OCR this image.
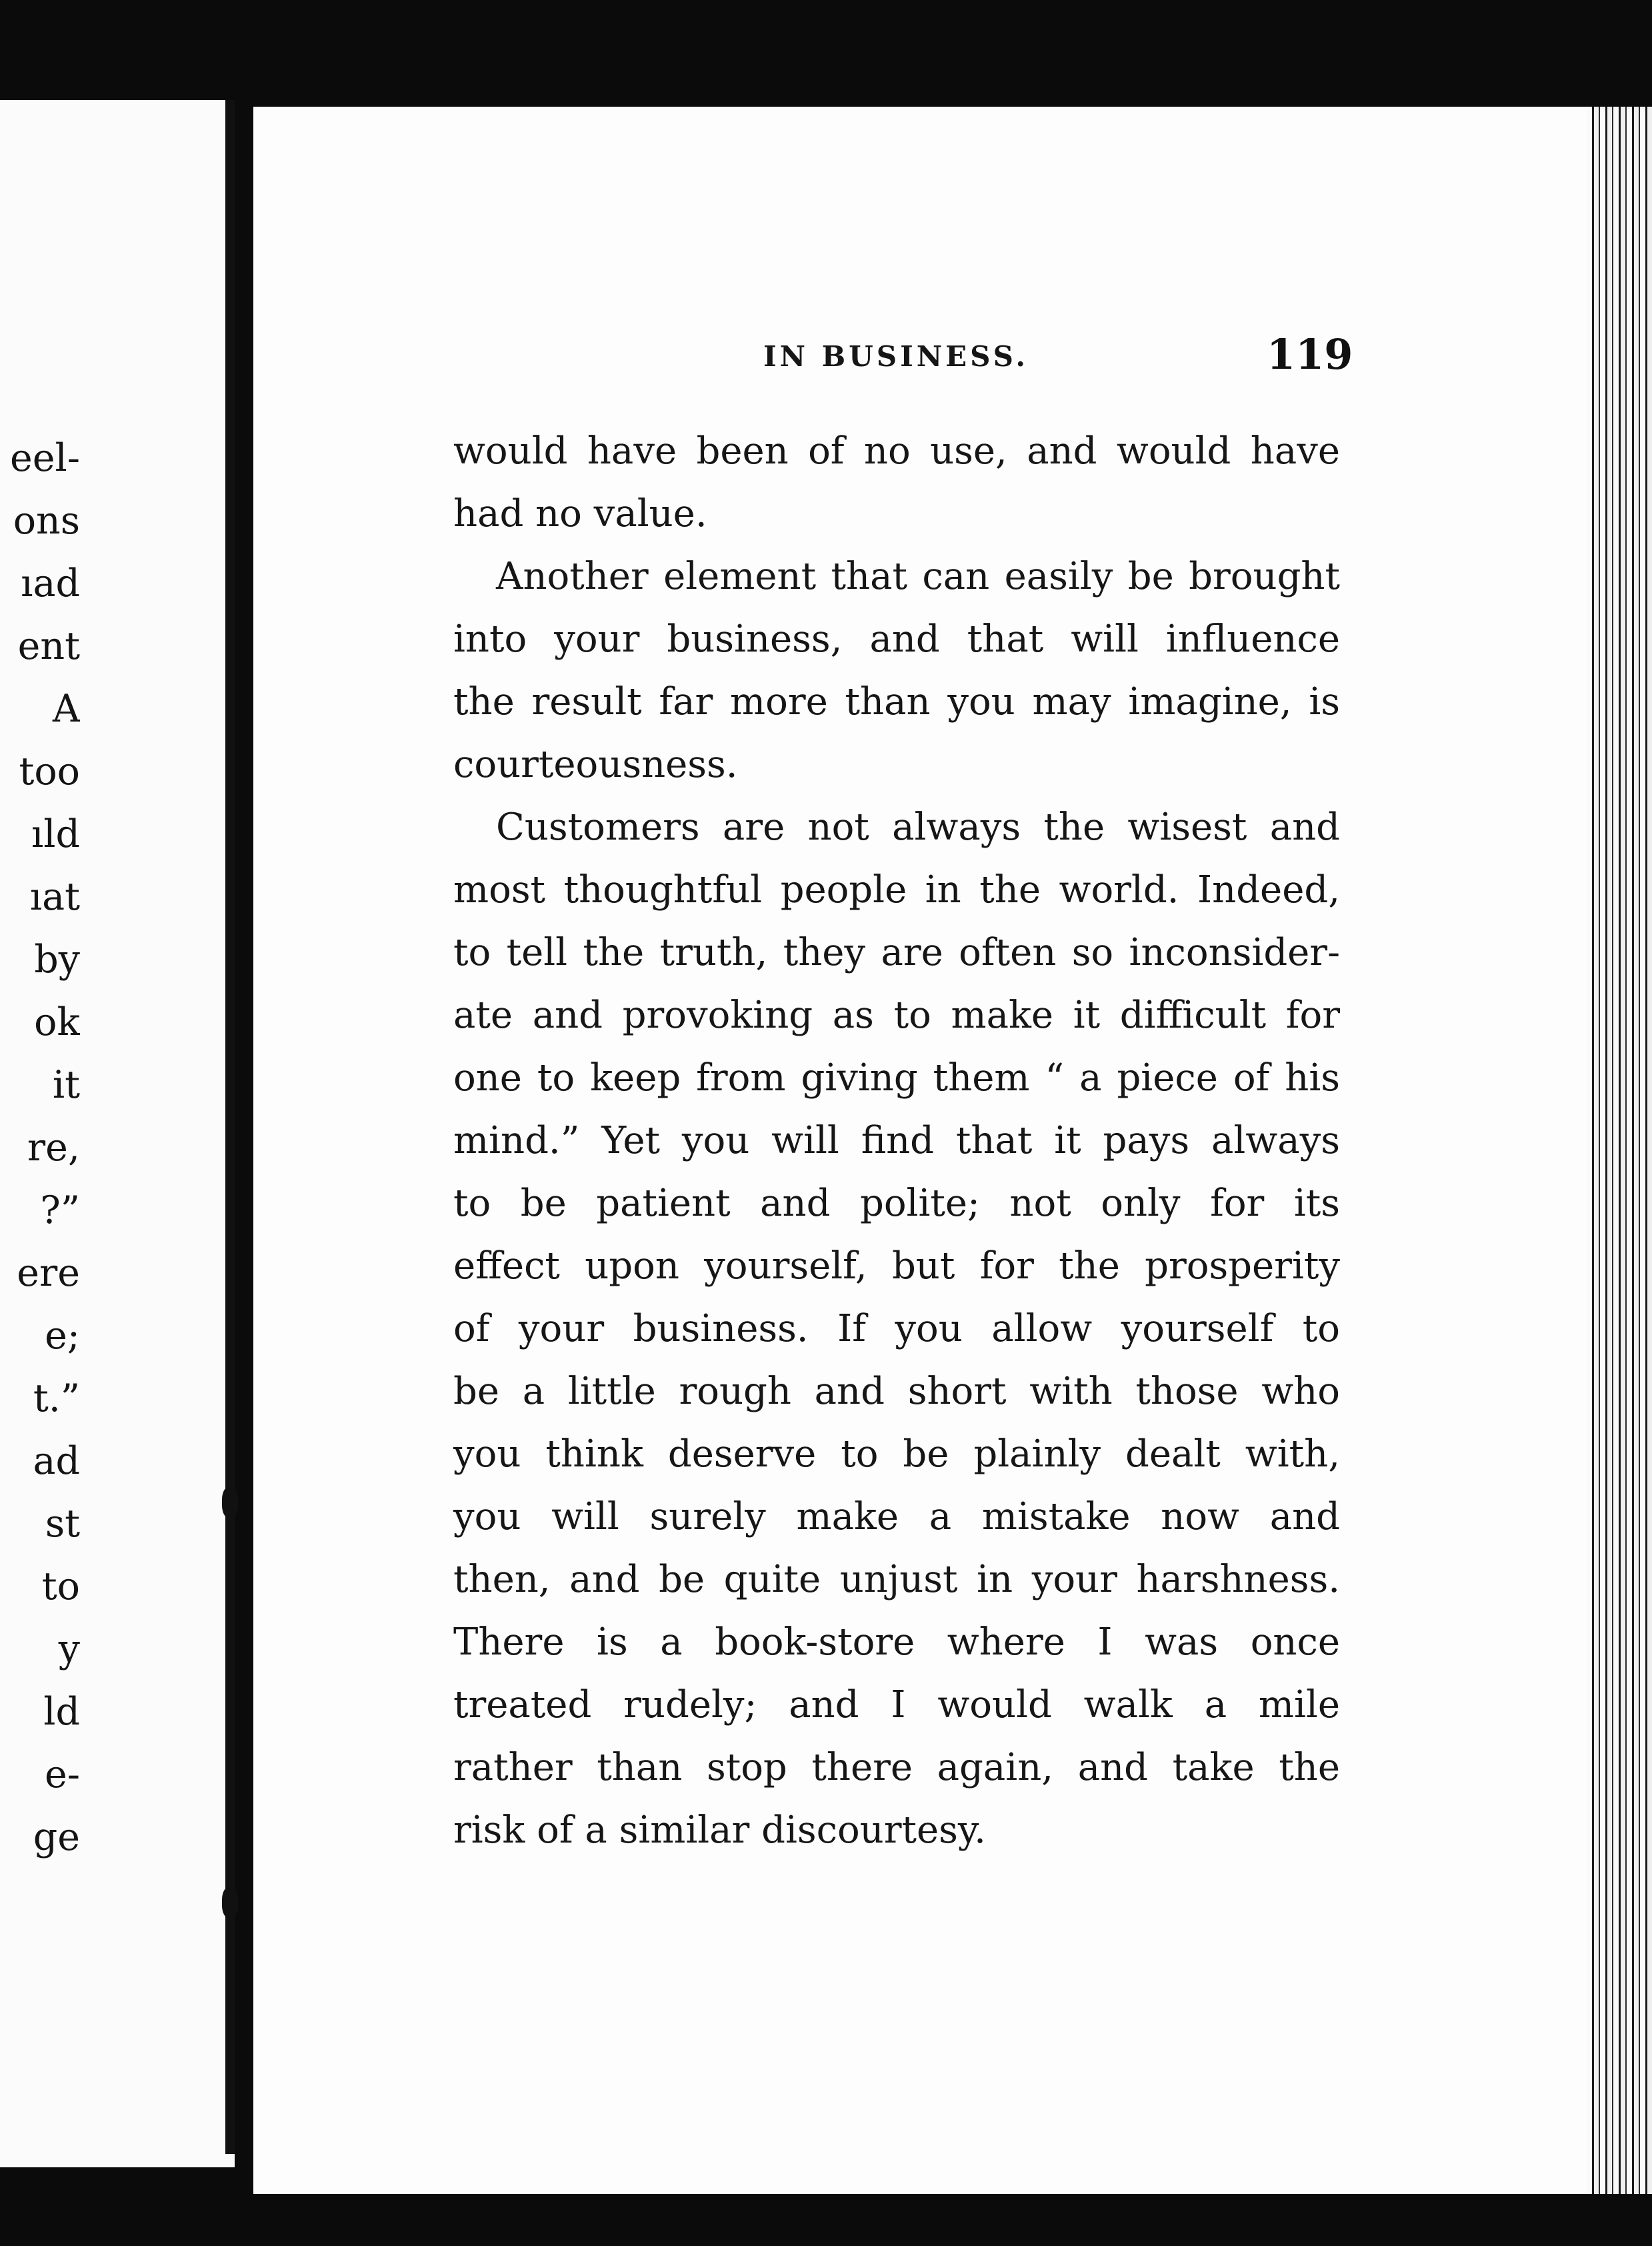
eel-
ons
ıad
ent
A
too
ıld
ıat
by
ok
it
re,
?”
ere
e;
t.”
ad
st
to
y
ld
e-
ge
IN BUSINESS.	119
would have been of no use, and would have
had no value.
Another element that can easily be brought
into your business, and that will influence
the result far more than you may imagine, is
courteousness.
Customers are not always the wisest and
most thoughtful people in the world. Indeed,
to tell the truth, they are often so inconsider-
ate and provoking as to make it difficult for
one to keep from giving them “ a piece of his
mind.” Yet you will find that it pays always
to be patient and polite; not only for its
effect upon yourself, but for the prosperity
of your business. If you allow yourself to
be a little rough and short with those who
you think deserve to be plainly dealt with,
you will surely make a mistake now and
then, and be quite unjust in your harshness.
There is a book-store where I was once
treated rudely; and I would walk a mile
rather than stop there again, and take the
risk of a similar discourtesy.
